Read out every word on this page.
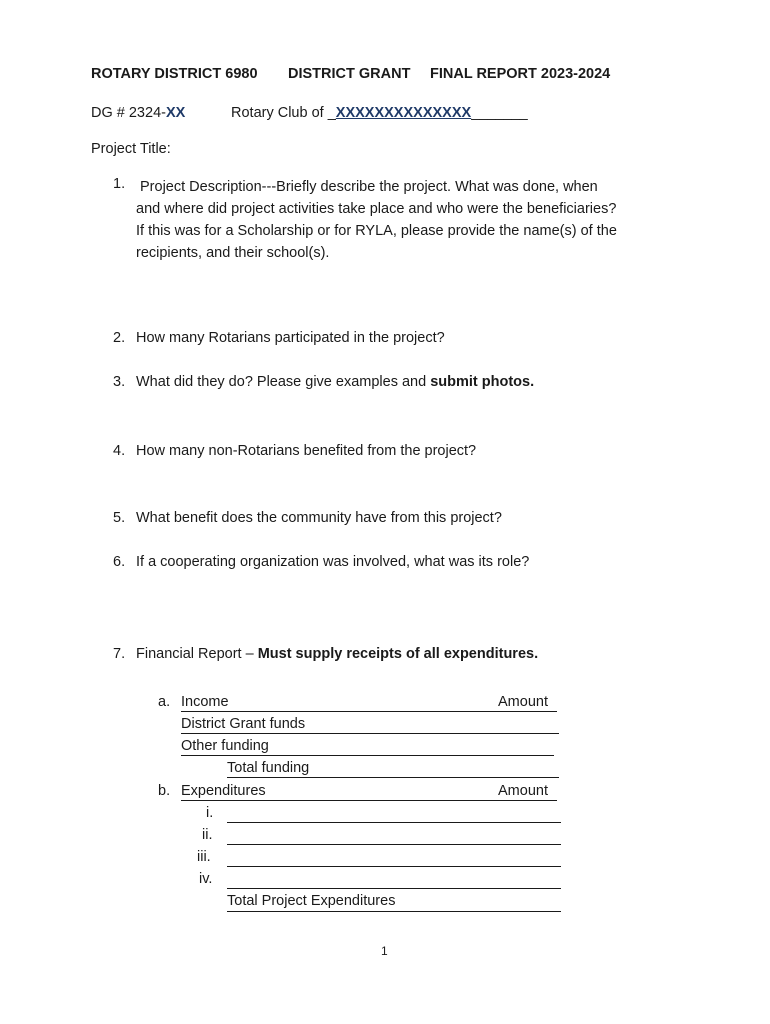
ROTARY DISTRICT 6980 DISTRICT GRANT FINAL REPORT 2023-2024
DG # 2324-XX	Rotary Club of _XXXXXXXXXXXXXX_______
Project Title:
1. Project Description---Briefly describe the project. What was done, when
and where did project activities take place and who were the beneficiaries?
If this was for a Scholarship or for RYLA, please provide the name(s) of the
recipients, and their school(s).
2. How many Rotarians participated in the project?
3. What did they do? Please give examples and submit photos.
4. How many non-Rotarians benefited from the project?
5. What benefit does the community have from this project?
6. If a cooperating organization was involved, what was its role?
7. Financial Report – Must supply receipts of all expenditures.
a. Income	Amount
District Grant funds
Other funding
Total funding
b. Expenditures	Amount
i.
ii.
iii.
iv.
Total Project Expenditures
1
